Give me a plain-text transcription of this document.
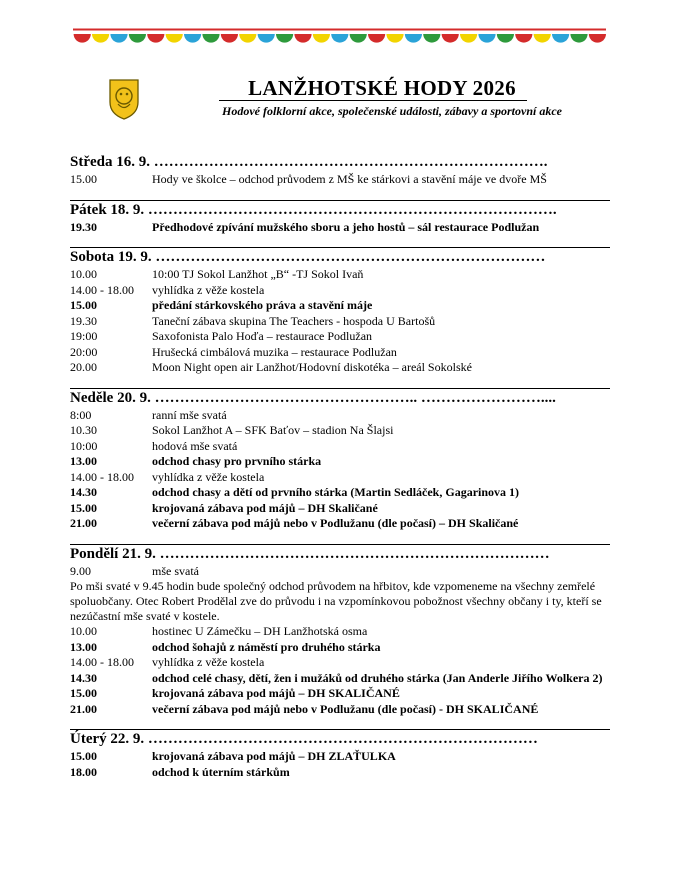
LANŽHOTSKÉ HODY 2026
Hodové folklorní akce, společenské události, zábavy a sportovní akce
Středa 16. 9. …………………………………………………………………….
15.00	Hody ve školce – odchod průvodem z MŠ ke stárkovi a stavění máje ve dvoře MŠ
Pátek 18. 9. ……………………………………………………………………….
19.30	Předhodové zpívání mužského sboru a jeho hostů – sál restaurace Podlužan
Sobota 19. 9. ……………………………………………………………………
10.00	10:00 TJ Sokol Lanžhot „B“ -TJ Sokol Ivaň
14.00 - 18.00	vyhlídka z věže kostela
15.00	předání stárkovského práva a stavění máje
19.30	Taneční zábava skupina The Teachers - hospoda U Bartošů
19:00	Saxofonista Palo Hoďa – restaurace Podlužan
20:00	Hrušecká cimbálová muzika – restaurace Podlužan
20.00	Moon Night open air Lanžhot/Hodovní diskotéka – areál Sokolské
Neděle 20. 9. …………………………………………….. ……………………....
8:00	ranní mše svatá
10.30	Sokol Lanžhot A – SFK Baťov – stadion Na Šlajsi
10:00	hodová mše svatá
13.00	odchod chasy pro prvního stárka
14.00 - 18.00	vyhlídka z věže kostela
14.30	odchod chasy a dětí od prvního stárka (Martin Sedláček, Gagarinova 1)
15.00	krojovaná zábava pod májů – DH Skaličané
21.00	večerní zábava pod májů nebo v Podlužanu (dle počasí) – DH Skaličané
Pondělí 21. 9. ……………………………………………………………………
9.00	mše svatá
Po mši svaté v 9.45 hodin bude společný odchod průvodem na hřbitov, kde vzpomeneme na všechny zemřelé spoluobčany. Otec Robert Prodělal zve do průvodu i na vzpomínkovou pobožnost všechny občany i ty, kteří se nezúčastní mše svaté v kostele.
10.00	hostinec U Zámečku – DH Lanžhotská osma
13.00	odchod šohajů z náměstí pro druhého stárka
14.00 - 18.00	vyhlídka z věže kostela
14.30	odchod celé chasy, dětí, žen i mužáků od druhého stárka (Jan Anderle Jiřího Wolkera 2)
15.00	krojovaná zábava pod májů – DH SKALIČANÉ
21.00	večerní zábava pod májů nebo v Podlužanu (dle počasí) - DH SKALIČANÉ
Úterý 22. 9. ……………………………………………………………………
15.00	krojovaná zábava pod májů – DH ZLAŤULKA
18.00	odchod k úterním stárkům
